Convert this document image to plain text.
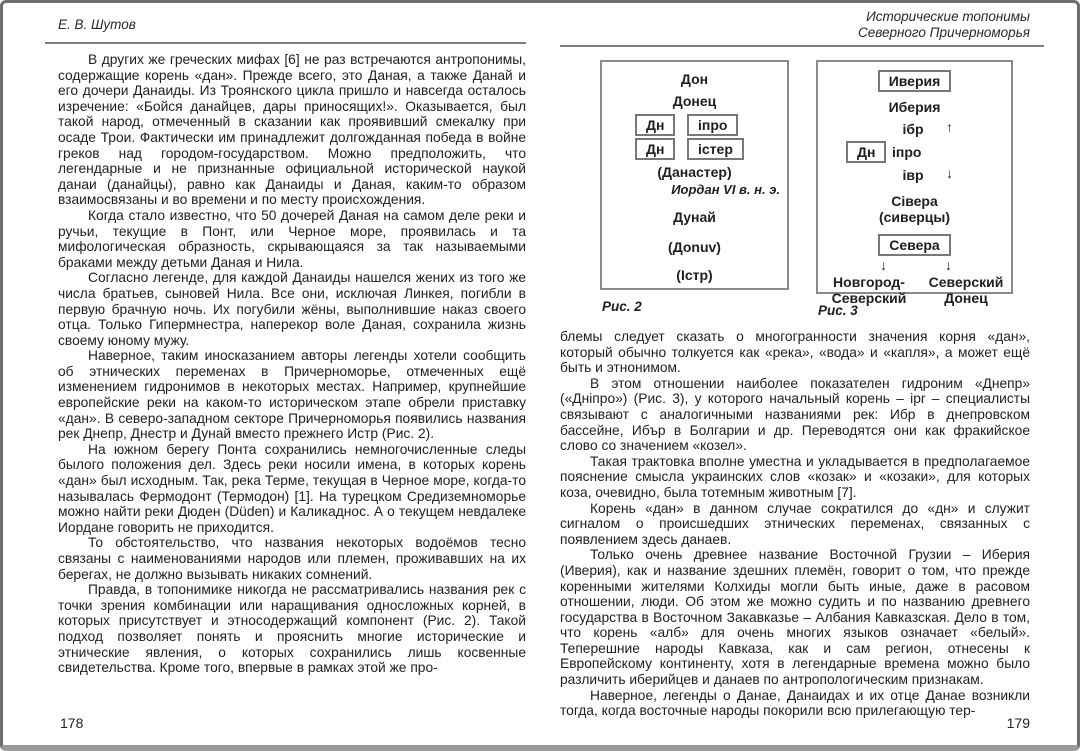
Е. В. Шутов

В других же греческих мифах [6] не раз встречаются антропонимы, содержащие корень «дан». Прежде всего, это Даная, а также Данай и его дочери Данаиды. Из Троянского цикла пришло и навсегда осталось изречение: «Бойся данайцев, дары приносящих!». Оказывается, был такой народ, отмеченный в сказании как проявивший смекалку при осаде Трои. Фактически им принадлежит долгожданная победа в войне греков над городом-государством. Можно предположить, что легендарные и не признанные официальной исторической наукой данаи (данайцы), равно как Данаиды и Даная, каким-то образом взаимосвязаны и во времени и по месту происхождения.

Когда стало известно, что 50 дочерей Даная на самом деле реки и ручьи, текущие в Понт, или Черное море, проявилась и та мифологическая образность, скрывающаяся за так называемыми браками между детьми Даная и Нила.

Согласно легенде, для каждой Данаиды нашелся жених из того же числа братьев, сыновей Нила. Все они, исключая Линкея, погибли в первую брачную ночь. Их погубили жёны, выполнившие наказ своего отца. Только Гипермнестра, наперекор воле Даная, сохранила жизнь своему юному мужу.

Наверное, таким иносказанием авторы легенды хотели сообщить об этнических переменах в Причерноморье, отмеченных ещё изменением гидронимов в некоторых местах. Например, крупнейшие европейские реки на каком-то историческом этапе обрели приставку «дан». В северо-западном секторе Причерноморья появились названия рек Днепр, Днестр и Дунай вместо прежнего Истр (Рис. 2).

На южном берегу Понта сохранились немногочисленные следы былого положения дел. Здесь реки носили имена, в которых корень «дан» был исходным. Так, река Терме, текущая в Черное море, когда-то называлась Фермодонт (Термодон) [1]. На турецком Средиземноморье можно найти реки Дюден (Düden) и Каликаднос. А о текущем невдалеке Иордане говорить не приходится.

То обстоятельство, что названия некоторых водоёмов тесно связаны с наименованиями народов или племен, проживавших на их берегах, не должно вызывать никаких сомнений.

Правда, в топонимике никогда не рассматривались названия рек с точки зрения комбинации или наращивания односложных корней, в которых присутствует и этносодержащий компонент (Рис. 2). Такой подход позволяет понять и прояснить многие исторические и этнические явления, о которых сохранились лишь косвенные свидетельства. Кроме того, впервые в рамках этой же про-

178
Исторические топонимы
Северного Причерноморья
Дон
Донец
Дн	iпро
Дн	iстер
(Данастер)
Иордан VI в. н. э.
Дунай
(Доnuv)
(Iстр)
Рис. 2
Иверия
Иберия
iбр	↑
Дн	iпро
iвр	↓
Сiвера
(сиверцы)
Севера
↓	↓
Новгород-Северский
Северский Донец
Рис. 3

блемы следует сказать о многогранности значения корня «дан», который обычно толкуется как «река», «вода» и «капля», а может ещё быть и этнонимом.

В этом отношении наиболее показателен гидроним «Днепр» («Днiпро») (Рис. 3), у которого начальный корень – ipr – специалисты связывают с аналогичными названиями рек: Ибр в днепровском бассейне, Ибър в Болгарии и др. Переводятся они как фракийское слово со значением «козел».

Такая трактовка вполне уместна и укладывается в предполагаемое пояснение смысла украинских слов «козак» и «козаки», для которых коза, очевидно, была тотемным животным [7].

Корень «дан» в данном случае сократился до «дн» и служит сигналом о происшедших этнических переменах, связанных с появлением здесь данаев.

Только очень древнее название Восточной Грузии – Иберия (Иверия), как и название здешних племён, говорит о том, что прежде коренными жителями Колхиды могли быть иные, даже в расовом отношении, люди. Об этом же можно судить и по названию древнего государства в Восточном Закавказье – Албания Кавказская. Дело в том, что корень «алб» для очень многих языков означает «белый». Теперешние народы Кавказа, как и сам регион, отнесены к Европейскому континенту, хотя в легендарные времена можно было различить иберийцев и данаев по антропологическим признакам.

Наверное, легенды о Данае, Данаидах и их отце Данае возникли тогда, когда восточные народы покорили всю прилегающую тер-

179
